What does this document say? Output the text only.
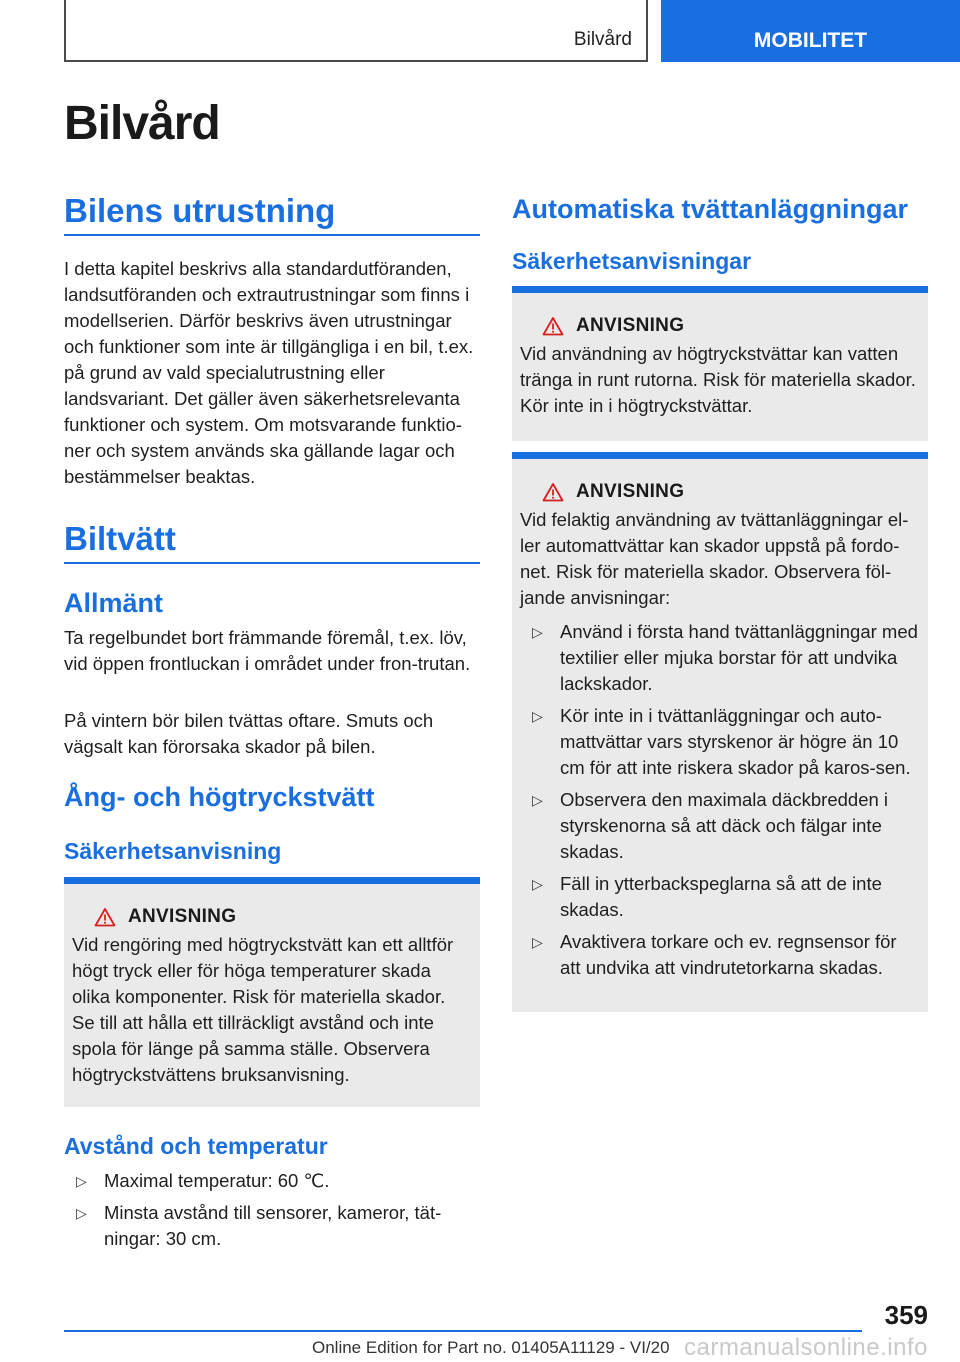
Bilvård	MOBILITET
Bilvård
Bilens utrustning

I detta kapitel beskrivs alla standardutföranden, landsutföranden och extrautrustningar som finns i modellserien. Därför beskrivs även utrustningar och funktioner som inte är tillgängliga i en bil, t.ex. på grund av vald specialutrustning eller landsvariant. Det gäller även säkerhetsrelevanta funktioner och system. Om motsvarande funktio-ner och system används ska gällande lagar och bestämmelser beaktas.

Biltvätt
Allmänt

Ta regelbundet bort främmande föremål, t.ex. löv, vid öppen frontluckan i området under fron-trutan.

På vintern bör bilen tvättas oftare. Smuts och vägsalt kan förorsaka skador på bilen.

Ång- och högtryckstvätt
Säkerhetsanvisning
ANVISNING

Vid rengöring med högtryckstvätt kan ett alltför högt tryck eller för höga temperaturer skada olika komponenter. Risk för materiella skador. Se till att hålla ett tillräckligt avstånd och inte spola för länge på samma ställe. Observera högtryckstvättens bruksanvisning.

Avstånd och temperatur
▷ Maximal temperatur: 60 ℃.
▷ Minsta avstånd till sensorer, kameror, tät-ningar: 30 cm.
Automatiska tvättanläggningar
Säkerhetsanvisningar
ANVISNING

Vid användning av högtryckstvättar kan vatten tränga in runt rutorna. Risk för materiella skador. Kör inte in i högtryckstvättar.

ANVISNING

Vid felaktig användning av tvättanläggningar el-ler automattvättar kan skador uppstå på fordo-net. Risk för materiella skador. Observera föl-jande anvisningar:

▷ Använd i första hand tvättanläggningar med textilier eller mjuka borstar för att undvika lackskador.
▷ Kör inte in i tvättanläggningar och auto-mattvättar vars styrskenor är högre än 10 cm för att inte riskera skador på karos-sen.
▷ Observera den maximala däckbredden i styrskenorna så att däck och fälgar inte skadas.
▷ Fäll in ytterbackspeglarna så att de inte skadas.
▷ Avaktivera torkare och ev. regnsensor för att undvika att vindrutetorkarna skadas.
359
Online Edition for Part no. 01405A11129 - VI/20 carmanualsonline.info
